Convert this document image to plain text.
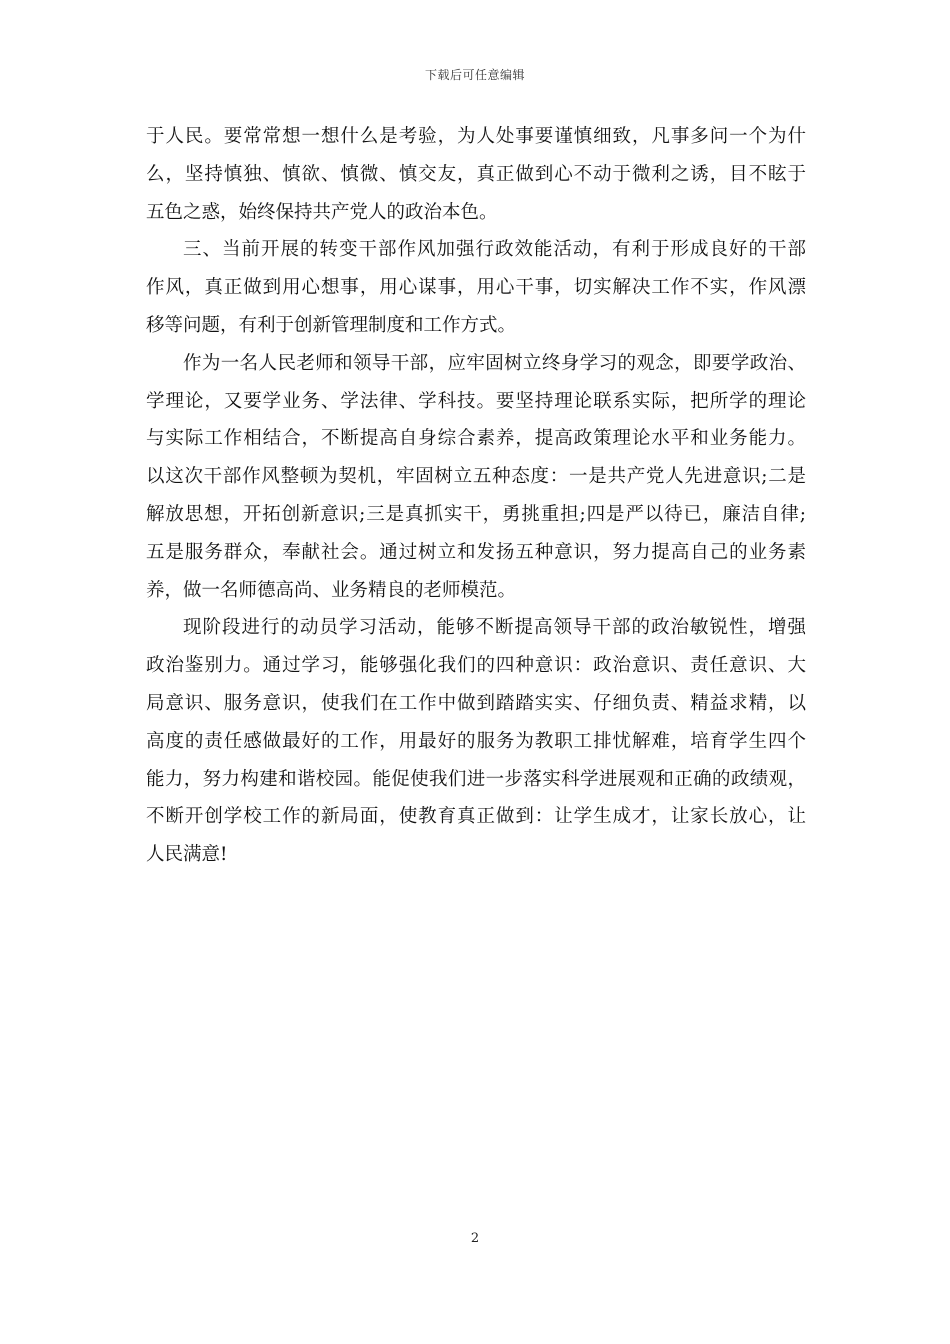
下载后可任意编辑
于人民。要常常想一想什么是考验，为人处事要谨慎细致，凡事多问一个为什
么，坚持慎独、慎欲、慎微、慎交友，真正做到心不动于微利之诱，目不眩于
五色之惑，始终保持共产党人的政治本色。
三、当前开展的转变干部作风加强行政效能活动，有利于形成良好的干部
作风，真正做到用心想事，用心谋事，用心干事，切实解决工作不实，作风漂
移等问题，有利于创新管理制度和工作方式。
作为一名人民老师和领导干部，应牢固树立终身学习的观念，即要学政治、
学理论，又要学业务、学法律、学科技。要坚持理论联系实际，把所学的理论
与实际工作相结合，不断提高自身综合素养，提高政策理论水平和业务能力。
以这次干部作风整顿为契机，牢固树立五种态度：一是共产党人先进意识;二是
解放思想，开拓创新意识;三是真抓实干，勇挑重担;四是严以待已，廉洁自律;
五是服务群众，奉献社会。通过树立和发扬五种意识，努力提高自己的业务素
养，做一名师德高尚、业务精良的老师模范。
现阶段进行的动员学习活动，能够不断提高领导干部的政治敏锐性，增强
政治鉴别力。通过学习，能够强化我们的四种意识：政治意识、责任意识、大
局意识、服务意识，使我们在工作中做到踏踏实实、仔细负责、精益求精，以
高度的责任感做最好的工作，用最好的服务为教职工排忧解难，培育学生四个
能力，努力构建和谐校园。能促使我们进一步落实科学进展观和正确的政绩观，
不断开创学校工作的新局面，使教育真正做到：让学生成才，让家长放心，让
人民满意!
2
